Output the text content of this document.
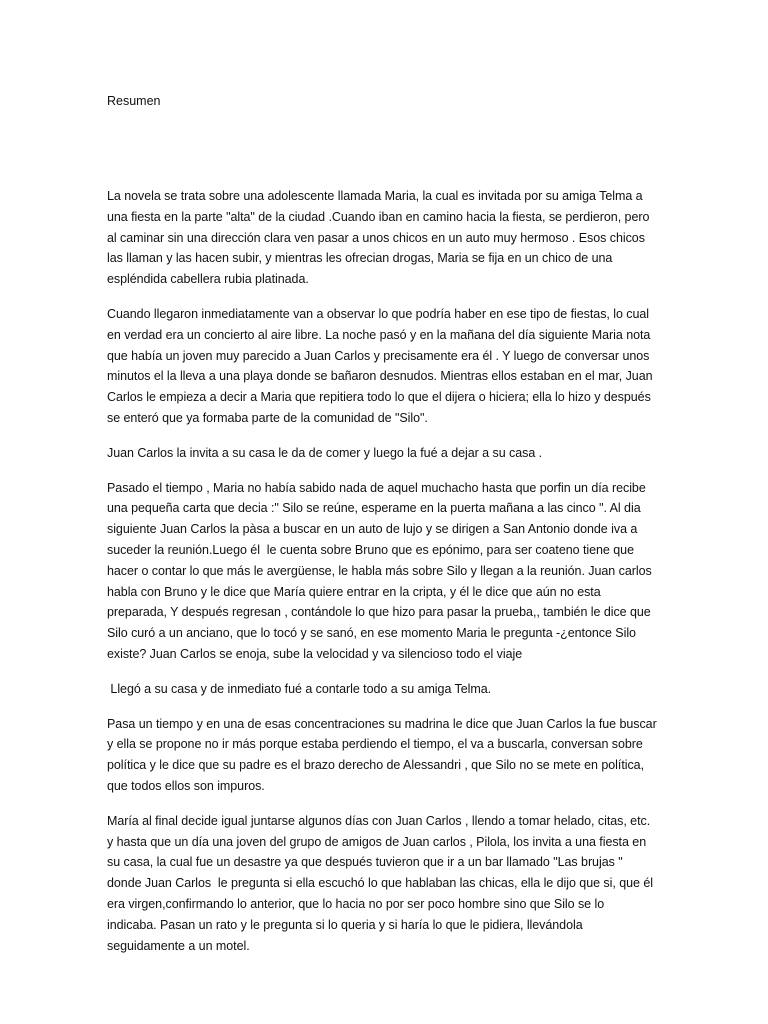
Resumen

La novela se trata sobre una adolescente llamada Maria, la cual es invitada por su amiga Telma a
una fiesta en la parte "alta" de la ciudad .Cuando iban en camino hacia la fiesta, se perdieron, pero
al caminar sin una dirección clara ven pasar a unos chicos en un auto muy hermoso . Esos chicos
las llaman y las hacen subir, y mientras les ofrecian drogas, Maria se fija en un chico de una
espléndida cabellera rubia platinada.

Cuando llegaron inmediatamente van a observar lo que podría haber en ese tipo de fiestas, lo cual
en verdad era un concierto al aire libre. La noche pasó y en la mañana del día siguiente Maria nota
que había un joven muy parecido a Juan Carlos y precisamente era él . Y luego de conversar unos
minutos el la lleva a una playa donde se bañaron desnudos. Mientras ellos estaban en el mar, Juan
Carlos le empieza a decir a Maria que repitiera todo lo que el dijera o hiciera; ella lo hizo y después
se enteró que ya formaba parte de la comunidad de "Silo".

Juan Carlos la invita a su casa le da de comer y luego la fué a dejar a su casa .

Pasado el tiempo , Maria no había sabido nada de aquel muchacho hasta que porfin un día recibe
una pequeña carta que decia :" Silo se reúne, esperame en la puerta mañana a las cinco ". Al dia
siguiente Juan Carlos la pàsa a buscar en un auto de lujo y se dirigen a San Antonio donde iva a
suceder la reunión.Luego él  le cuenta sobre Bruno que es epónimo, para ser coateno tiene que
hacer o contar lo que más le avergüense, le habla más sobre Silo y llegan a la reunión. Juan carlos
habla con Bruno y le dice que María quiere entrar en la cripta, y él le dice que aún no esta
preparada, Y después regresan , contándole lo que hizo para pasar la prueba,, también le dice que
Silo curó a un anciano, que lo tocó y se sanó, en ese momento Maria le pregunta -¿entonce Silo
existe? Juan Carlos se enoja, sube la velocidad y va silencioso todo el viaje

Llegó a su casa y de inmediato fué a contarle todo a su amiga Telma.

Pasa un tiempo y en una de esas concentraciones su madrina le dice que Juan Carlos la fue buscar
y ella se propone no ir más porque estaba perdiendo el tiempo, el va a buscarla, conversan sobre
política y le dice que su padre es el brazo derecho de Alessandri , que Silo no se mete en política,
que todos ellos son impuros.

María al final decide igual juntarse algunos días con Juan Carlos , llendo a tomar helado, citas, etc.
y hasta que un día una joven del grupo de amigos de Juan carlos , Pilola, los invita a una fiesta en
su casa, la cual fue un desastre ya que después tuvieron que ir a un bar llamado "Las brujas "
donde Juan Carlos  le pregunta si ella escuchó lo que hablaban las chicas, ella le dijo que si, que él
era virgen,confirmando lo anterior, que lo hacia no por ser poco hombre sino que Silo se lo
indicaba. Pasan un rato y le pregunta si lo queria y si haría lo que le pidiera, llevándola
seguidamente a un motel.
